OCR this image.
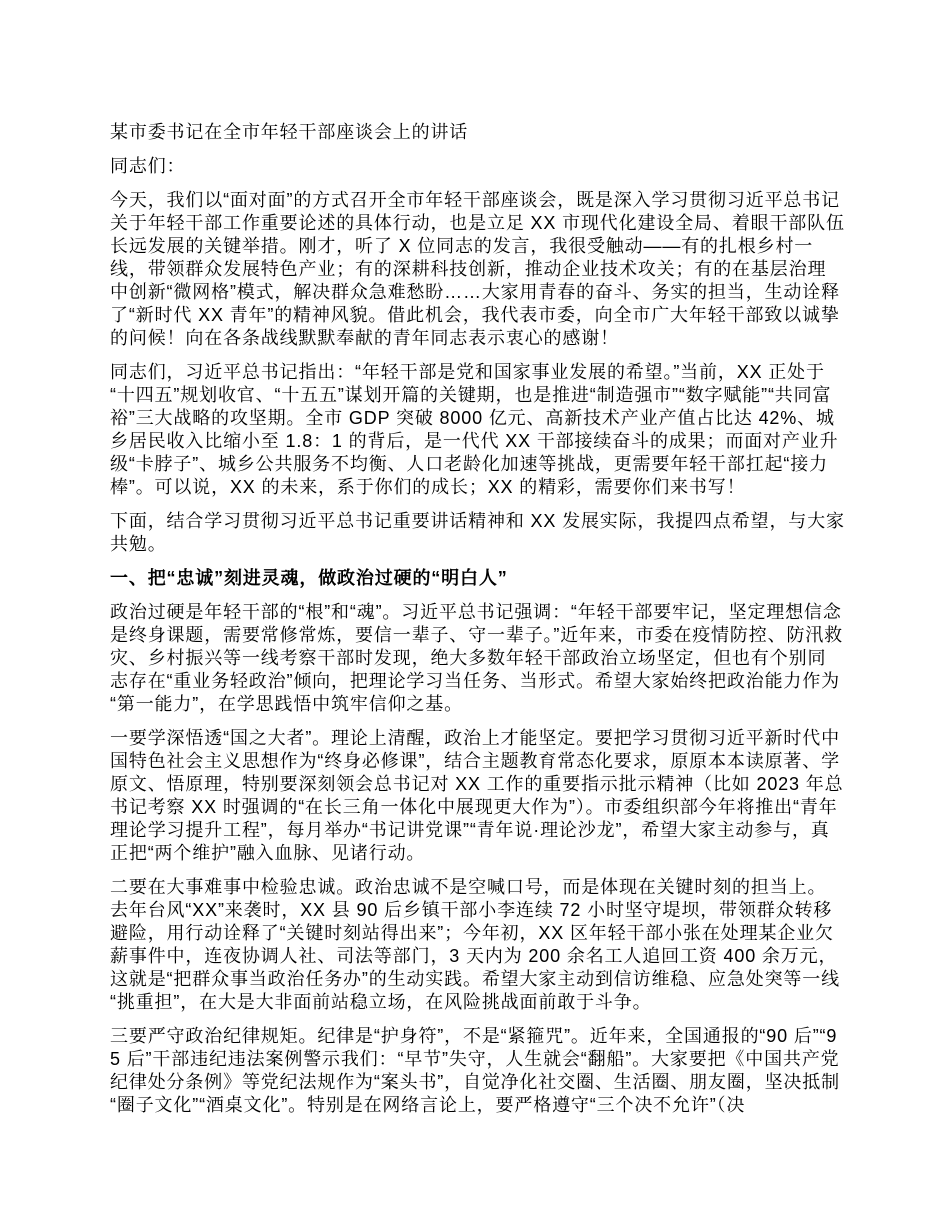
某市委书记在全市年轻干部座谈会上的讲话

同志们：

今天，我们以“面对面”的方式召开全市年轻干部座谈会，既是深入学习贯彻习近平总书记关于年轻干部工作重要论述的具体行动，也是立足 XX 市现代化建设全局、着眼干部队伍长远发展的关键举措。刚才，听了 X 位同志的发言，我很受触动——有的扎根乡村一线，带领群众发展特色产业；有的深耕科技创新，推动企业技术攻关；有的在基层治理中创新“微网格”模式，解决群众急难愁盼……大家用青春的奋斗、务实的担当，生动诠释了“新时代 XX 青年”的精神风貌。借此机会，我代表市委，向全市广大年轻干部致以诚挚的问候！向在各条战线默默奉献的青年同志表示衷心的感谢！

同志们，习近平总书记指出：“年轻干部是党和国家事业发展的希望。”当前，XX 正处于“十四五”规划收官、“十五五”谋划开篇的关键期，也是推进“制造强市”“数字赋能”“共同富裕”三大战略的攻坚期。全市 GDP 突破 8000 亿元、高新技术产业产值占比达 42%、城乡居民收入比缩小至 1.8：1 的背后，是一代代 XX 干部接续奋斗的成果；而面对产业升级“卡脖子”、城乡公共服务不均衡、人口老龄化加速等挑战，更需要年轻干部扛起“接力棒”。可以说，XX 的未来，系于你们的成长；XX 的精彩，需要你们来书写！

下面，结合学习贯彻习近平总书记重要讲话精神和 XX 发展实际，我提四点希望，与大家共勉。

一、把“忠诚”刻进灵魂，做政治过硬的“明白人”

政治过硬是年轻干部的“根”和“魂”。习近平总书记强调：“年轻干部要牢记，坚定理想信念是终身课题，需要常修常炼，要信一辈子、守一辈子。”近年来，市委在疫情防控、防汛救灾、乡村振兴等一线考察干部时发现，绝大多数年轻干部政治立场坚定，但也有个别同志存在“重业务轻政治”倾向，把理论学习当任务、当形式。希望大家始终把政治能力作为“第一能力”，在学思践悟中筑牢信仰之基。

一要学深悟透“国之大者”。理论上清醒，政治上才能坚定。要把学习贯彻习近平新时代中国特色社会主义思想作为“终身必修课”，结合主题教育常态化要求，原原本本读原著、学原文、悟原理，特别要深刻领会总书记对 XX 工作的重要指示批示精神（比如 2023 年总书记考察 XX 时强调的“在长三角一体化中展现更大作为”）。市委组织部今年将推出“青年理论学习提升工程”，每月举办“书记讲党课”“青年说·理论沙龙”，希望大家主动参与，真正把“两个维护”融入血脉、见诸行动。

二要在大事难事中检验忠诚。政治忠诚不是空喊口号，而是体现在关键时刻的担当上。去年台风“XX”来袭时，XX 县 90 后乡镇干部小李连续 72 小时坚守堤坝，带领群众转移避险，用行动诠释了“关键时刻站得出来”；今年初，XX 区年轻干部小张在处理某企业欠薪事件中，连夜协调人社、司法等部门，3 天内为 200 余名工人追回工资 400 余万元，这就是“把群众事当政治任务办”的生动实践。希望大家主动到信访维稳、应急处突等一线“挑重担”，在大是大非面前站稳立场，在风险挑战面前敢于斗争。

三要严守政治纪律规矩。纪律是“护身符”，不是“紧箍咒”。近年来，全国通报的“90 后”“95 后”干部违纪违法案例警示我们：“早节”失守，人生就会“翻船”。大家要把《中国共产党纪律处分条例》等党纪法规作为“案头书”，自觉净化社交圈、生活圈、朋友圈，坚决抵制“圈子文化”“酒桌文化”。特别是在网络言论上，要严格遵守“三个决不允许”（决
